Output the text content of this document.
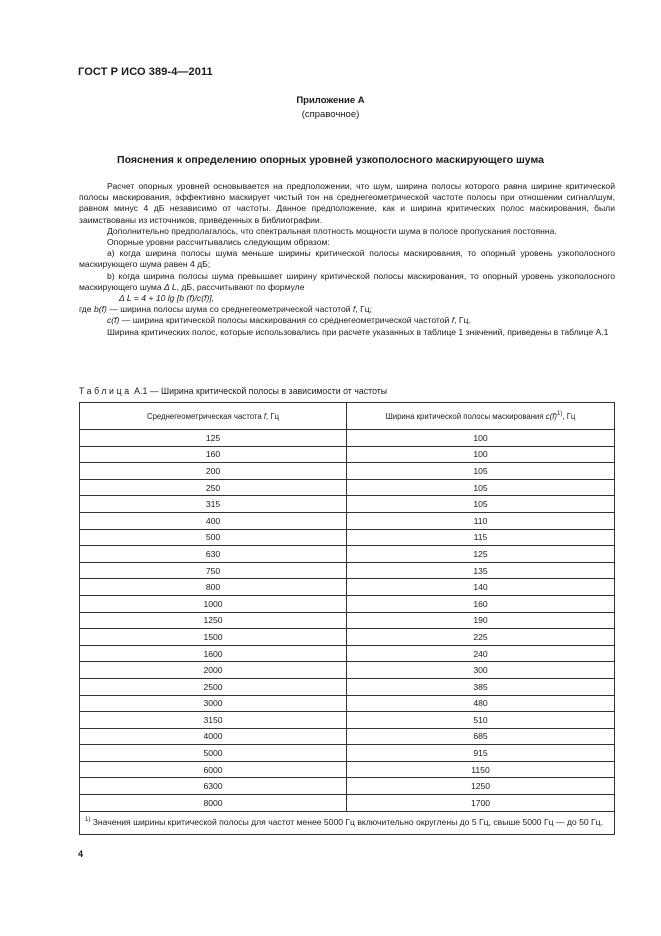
ГОСТ Р ИСО 389-4—2011
Приложение А
(справочное)
Пояснения к определению опорных уровней узкополосного маскирующего шума

Расчет опорных уровней основывается на предположении, что шум, ширина полосы которого равна ширине критической полосы маскирования, эффективно маскирует чистый тон на среднегеометрической частоте полосы при отношении сигнал/шум, равном минус 4 дБ независимо от частоты. Данное предположение, как и ширина критических полос маскирования, были заимствованы из источников, приведенных в библиографии.

Дополнительно предполагалось, что спектральная плотность мощности шума в полосе пропускания постоянна.

Опорные уровни рассчитывались следующим образом:

а) когда ширина полосы шума меньше ширины критической полосы маскирования, то опорный уровень узкополосного маскирующего шума равен 4 дБ;

b) когда ширина полосы шума превышает ширину критической полосы маскирования, то опорный уровень узкополосного маскирующего шума Δ L, дБ, рассчитывают по формуле

Δ L = 4 + 10 lg [b (f)/c(f)],

где b(f) — ширина полосы шума со среднегеометрической частотой f, Гц;

c(f) — ширина критической полосы маскирования со среднегеометрической частотой f, Гц.

Ширина критических полос, которые использовались при расчете указанных в таблице 1 значений, приведены в таблице А.1

Таблица А.1 — Ширина критической полосы в зависимости от частоты
Среднегеометрическая частота f, Гц	Ширина критической полосы маскирования $c(f)^{1)}$, Гц
125	100
160	100
200	105
250	105
315	105
400	110
500	115
630	125
750	135
800	140
1000	160
1250	190
1500	225
1600	240
2000	300
2500	385
3000	480
3150	510
4000	685
5000	915
6000	1150
6300	1250
8000	1700
$^{1)}$ Значения ширины критической полосы для частот менее 5000 Гц включительно округлены до 5 Гц, свыше 5000 Гц — до 50 Гц.	
4
